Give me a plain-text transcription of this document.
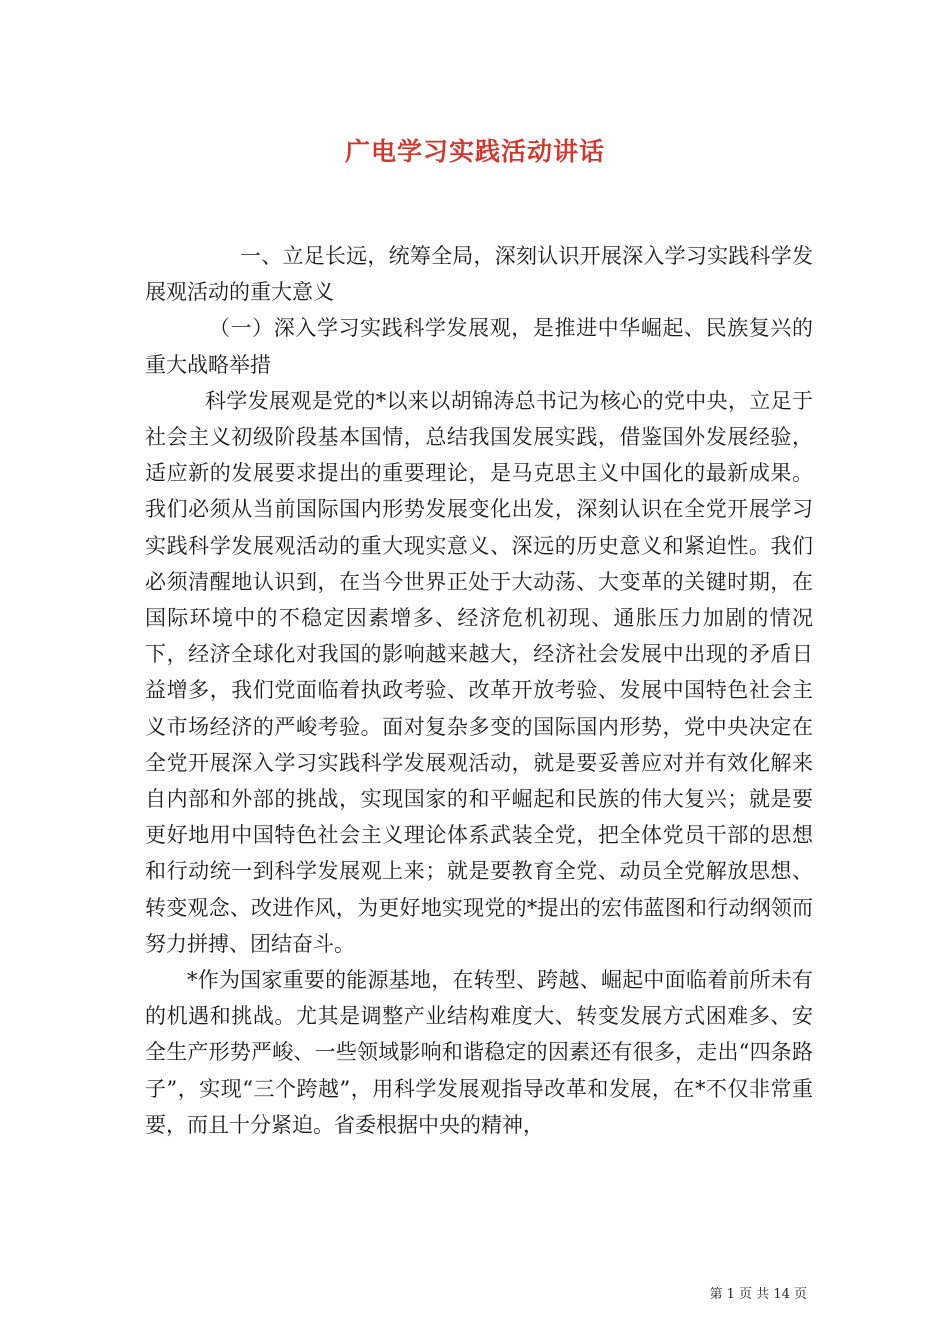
广电学习实践活动讲话

一、立足长远，统筹全局，深刻认识开展深入学习实践科学发展观活动的重大意义

（一）深入学习实践科学发展观，是推进中华崛起、民族复兴的重大战略举措

科学发展观是党的*以来以胡锦涛总书记为核心的党中央，立足于社会主义初级阶段基本国情，总结我国发展实践，借鉴国外发展经验，适应新的发展要求提出的重要理论，是马克思主义中国化的最新成果。我们必须从当前国际国内形势发展变化出发，深刻认识在全党开展学习实践科学发展观活动的重大现实意义、深远的历史意义和紧迫性。我们必须清醒地认识到，在当今世界正处于大动荡、大变革的关键时期，在国际环境中的不稳定因素增多、经济危机初现、通胀压力加剧的情况下，经济全球化对我国的影响越来越大，经济社会发展中出现的矛盾日益增多，我们党面临着执政考验、改革开放考验、发展中国特色社会主义市场经济的严峻考验。面对复杂多变的国际国内形势，党中央决定在全党开展深入学习实践科学发展观活动，就是要妥善应对并有效化解来自内部和外部的挑战，实现国家的和平崛起和民族的伟大复兴；就是要更好地用中国特色社会主义理论体系武装全党，把全体党员干部的思想和行动统一到科学发展观上来；就是要教育全党、动员全党解放思想、转变观念、改进作风，为更好地实现党的*提出的宏伟蓝图和行动纲领而努力拼搏、团结奋斗。

*作为国家重要的能源基地，在转型、跨越、崛起中面临着前所未有的机遇和挑战。尤其是调整产业结构难度大、转变发展方式困难多、安全生产形势严峻、一些领域影响和谐稳定的因素还有很多，走出“四条路子”，实现“三个跨越”，用科学发展观指导改革和发展，在*不仅非常重要，而且十分紧迫。省委根据中央的精神，

第 1 页 共 14 页
